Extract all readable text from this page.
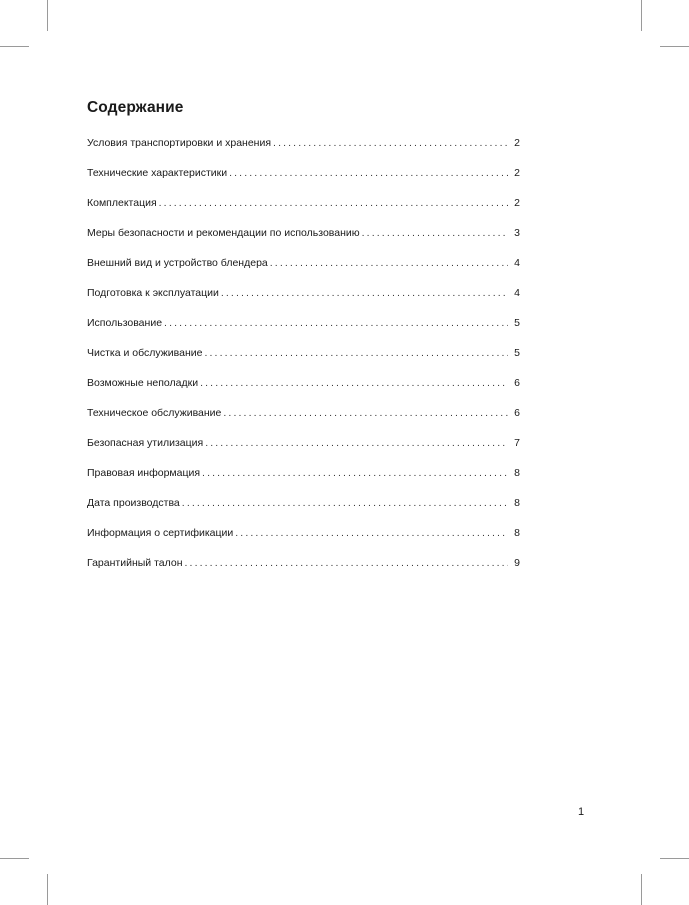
Содержание
Условия транспортировки и хранения . . .	2
Технические характеристики . . .	2
Комплектация . . .	2
Меры безопасности и рекомендации по использованию . . .	3
Внешний вид и устройство блендера . . .	4
Подготовка к эксплуатации . . .	4
Использование . . .	5
Чистка и обслуживание . . .	5
Возможные неполадки . . .	6
Техническое обслуживание . . .	6
Безопасная утилизация . . .	7
Правовая информация . . .	8
Дата производства . . .	8
Информация о сертификации . . .	8
Гарантийный талон . . .	9
1
